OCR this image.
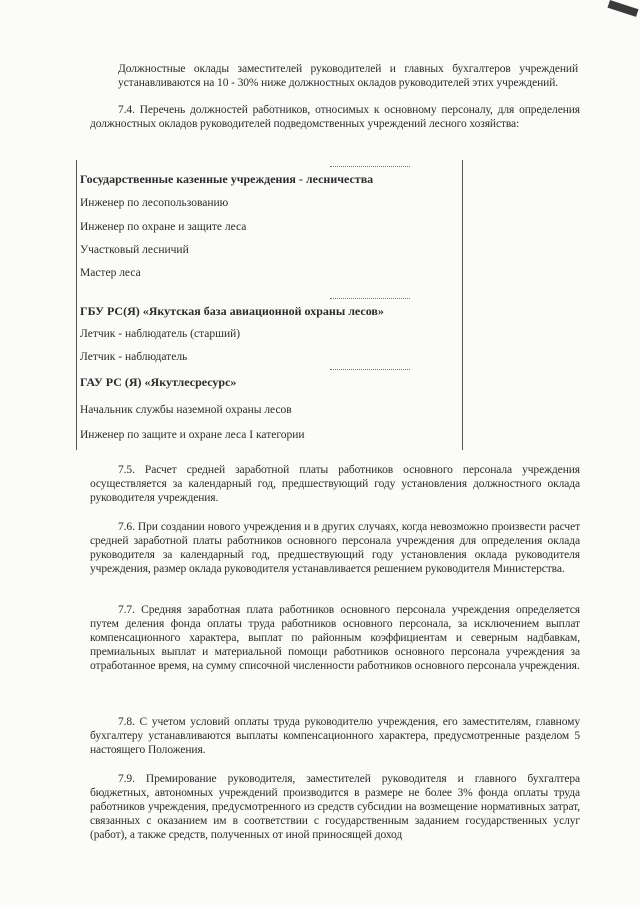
Должностные оклады заместителей руководителей и главных бухгалтеров учреждений устанавливаются на 10 - 30% ниже должностных окладов руководителей этих учреждений.
7.4. Перечень должностей работников, относимых к основному персоналу, для определения должностных окладов руководителей подведомственных учреждений лесного хозяйства:
7.5. Расчет средней заработной платы работников основного персонала учреждения осуществляется за календарный год, предшествующий году установления должностного оклада руководителя учреждения.
7.6. При создании нового учреждения и в других случаях, когда невозможно произвести расчет средней заработной платы работников основного персонала учреждения для определения оклада руководителя за календарный год, предшествующий году установления оклада руководителя учреждения, размер оклада руководителя устанавливается решением руководителя Министерства.
7.7. Средняя заработная плата работников основного персонала учреждения определяется путем деления фонда оплаты труда работников основного персонала, за исключением выплат компенсационного характера, выплат по районным коэффициентам и северным надбавкам, премиальных выплат и материальной помощи работников основного персонала учреждения за отработанное время, на сумму списочной численности работников основного персонала учреждения.
7.8. С учетом условий оплаты труда руководителю учреждения, его заместителям, главному бухгалтеру устанавливаются выплаты компенсационного характера, предусмотренные разделом 5 настоящего Положения.
7.9. Премирование руководителя, заместителей руководителя и главного бухгалтера бюджетных, автономных учреждений производится в размере не более 3% фонда оплаты труда работников учреждения, предусмотренного из средств субсидии на возмещение нормативных затрат, связанных с оказанием им в соответствии с государственным заданием государственных услуг (работ), а также средств, полученных от иной приносящей доход
Государственные казенные учреждения - лесничества
Инженер по лесопользованию
Инженер по охране и защите леса
Участковый лесничий
Мастер леса
ГБУ РС(Я) «Якутская база авиационной охраны лесов»
Летчик - наблюдатель (старший)
Летчик - наблюдатель
ГАУ РС (Я) «Якутлесресурс»
Начальник службы наземной охраны лесов
Инженер по защите и охране леса I категории
